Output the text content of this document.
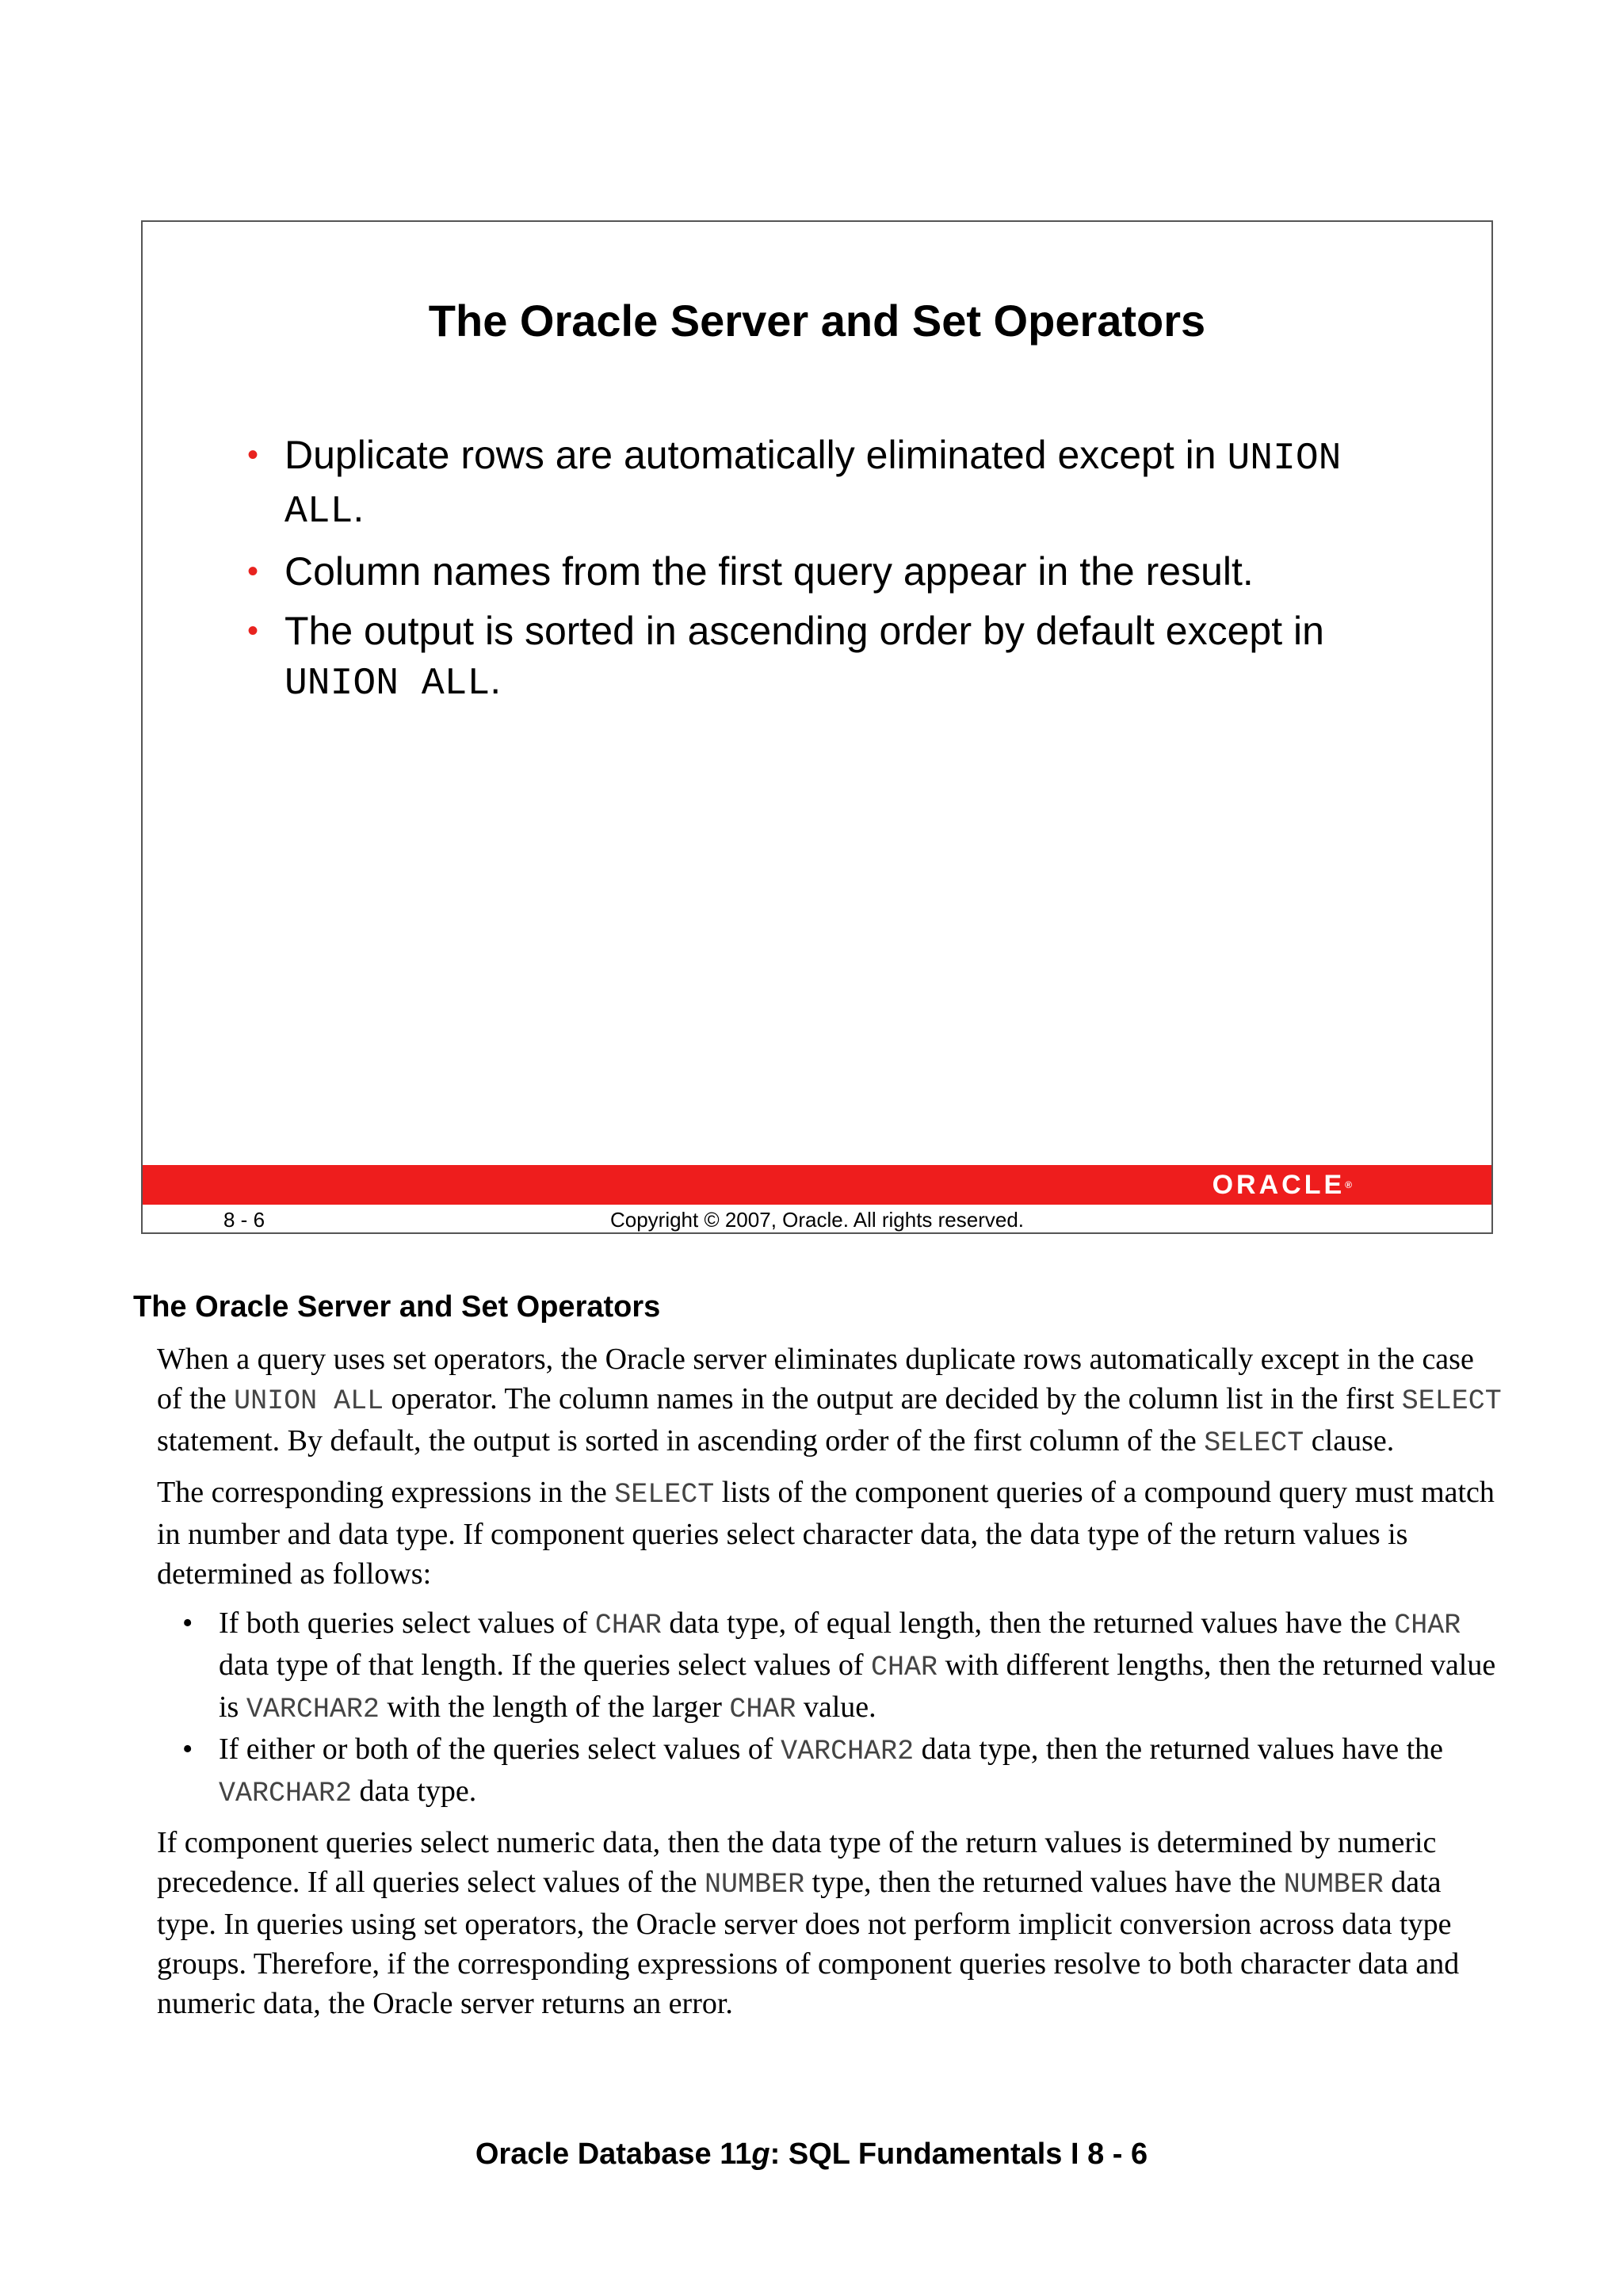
The Oracle Server and Set Operators
• Duplicate rows are automatically eliminated except in UNION ALL.
• Column names from the first query appear in the result.
• The output is sorted in ascending order by default except in UNION ALL.
ORACLE®
8 - 6	Copyright © 2007, Oracle. All rights reserved.
The Oracle Server and Set Operators

When a query uses set operators, the Oracle server eliminates duplicate rows automatically except in the case of the UNION ALL operator. The column names in the output are decided by the column list in the first SELECT statement. By default, the output is sorted in ascending order of the first column of the SELECT clause.

The corresponding expressions in the SELECT lists of the component queries of a compound query must match in number and data type. If component queries select character data, the data type of the return values is determined as follows:

• If both queries select values of CHAR data type, of equal length, then the returned values have the CHAR data type of that length. If the queries select values of CHAR with different lengths, then the returned value is VARCHAR2 with the length of the larger CHAR value.
• If either or both of the queries select values of VARCHAR2 data type, then the returned values have the VARCHAR2 data type.

If component queries select numeric data, then the data type of the return values is determined by numeric precedence. If all queries select values of the NUMBER type, then the returned values have the NUMBER data type. In queries using set operators, the Oracle server does not perform implicit conversion across data type groups. Therefore, if the corresponding expressions of component queries resolve to both character data and numeric data, the Oracle server returns an error.

Oracle Database 11g: SQL Fundamentals I 8 - 6
